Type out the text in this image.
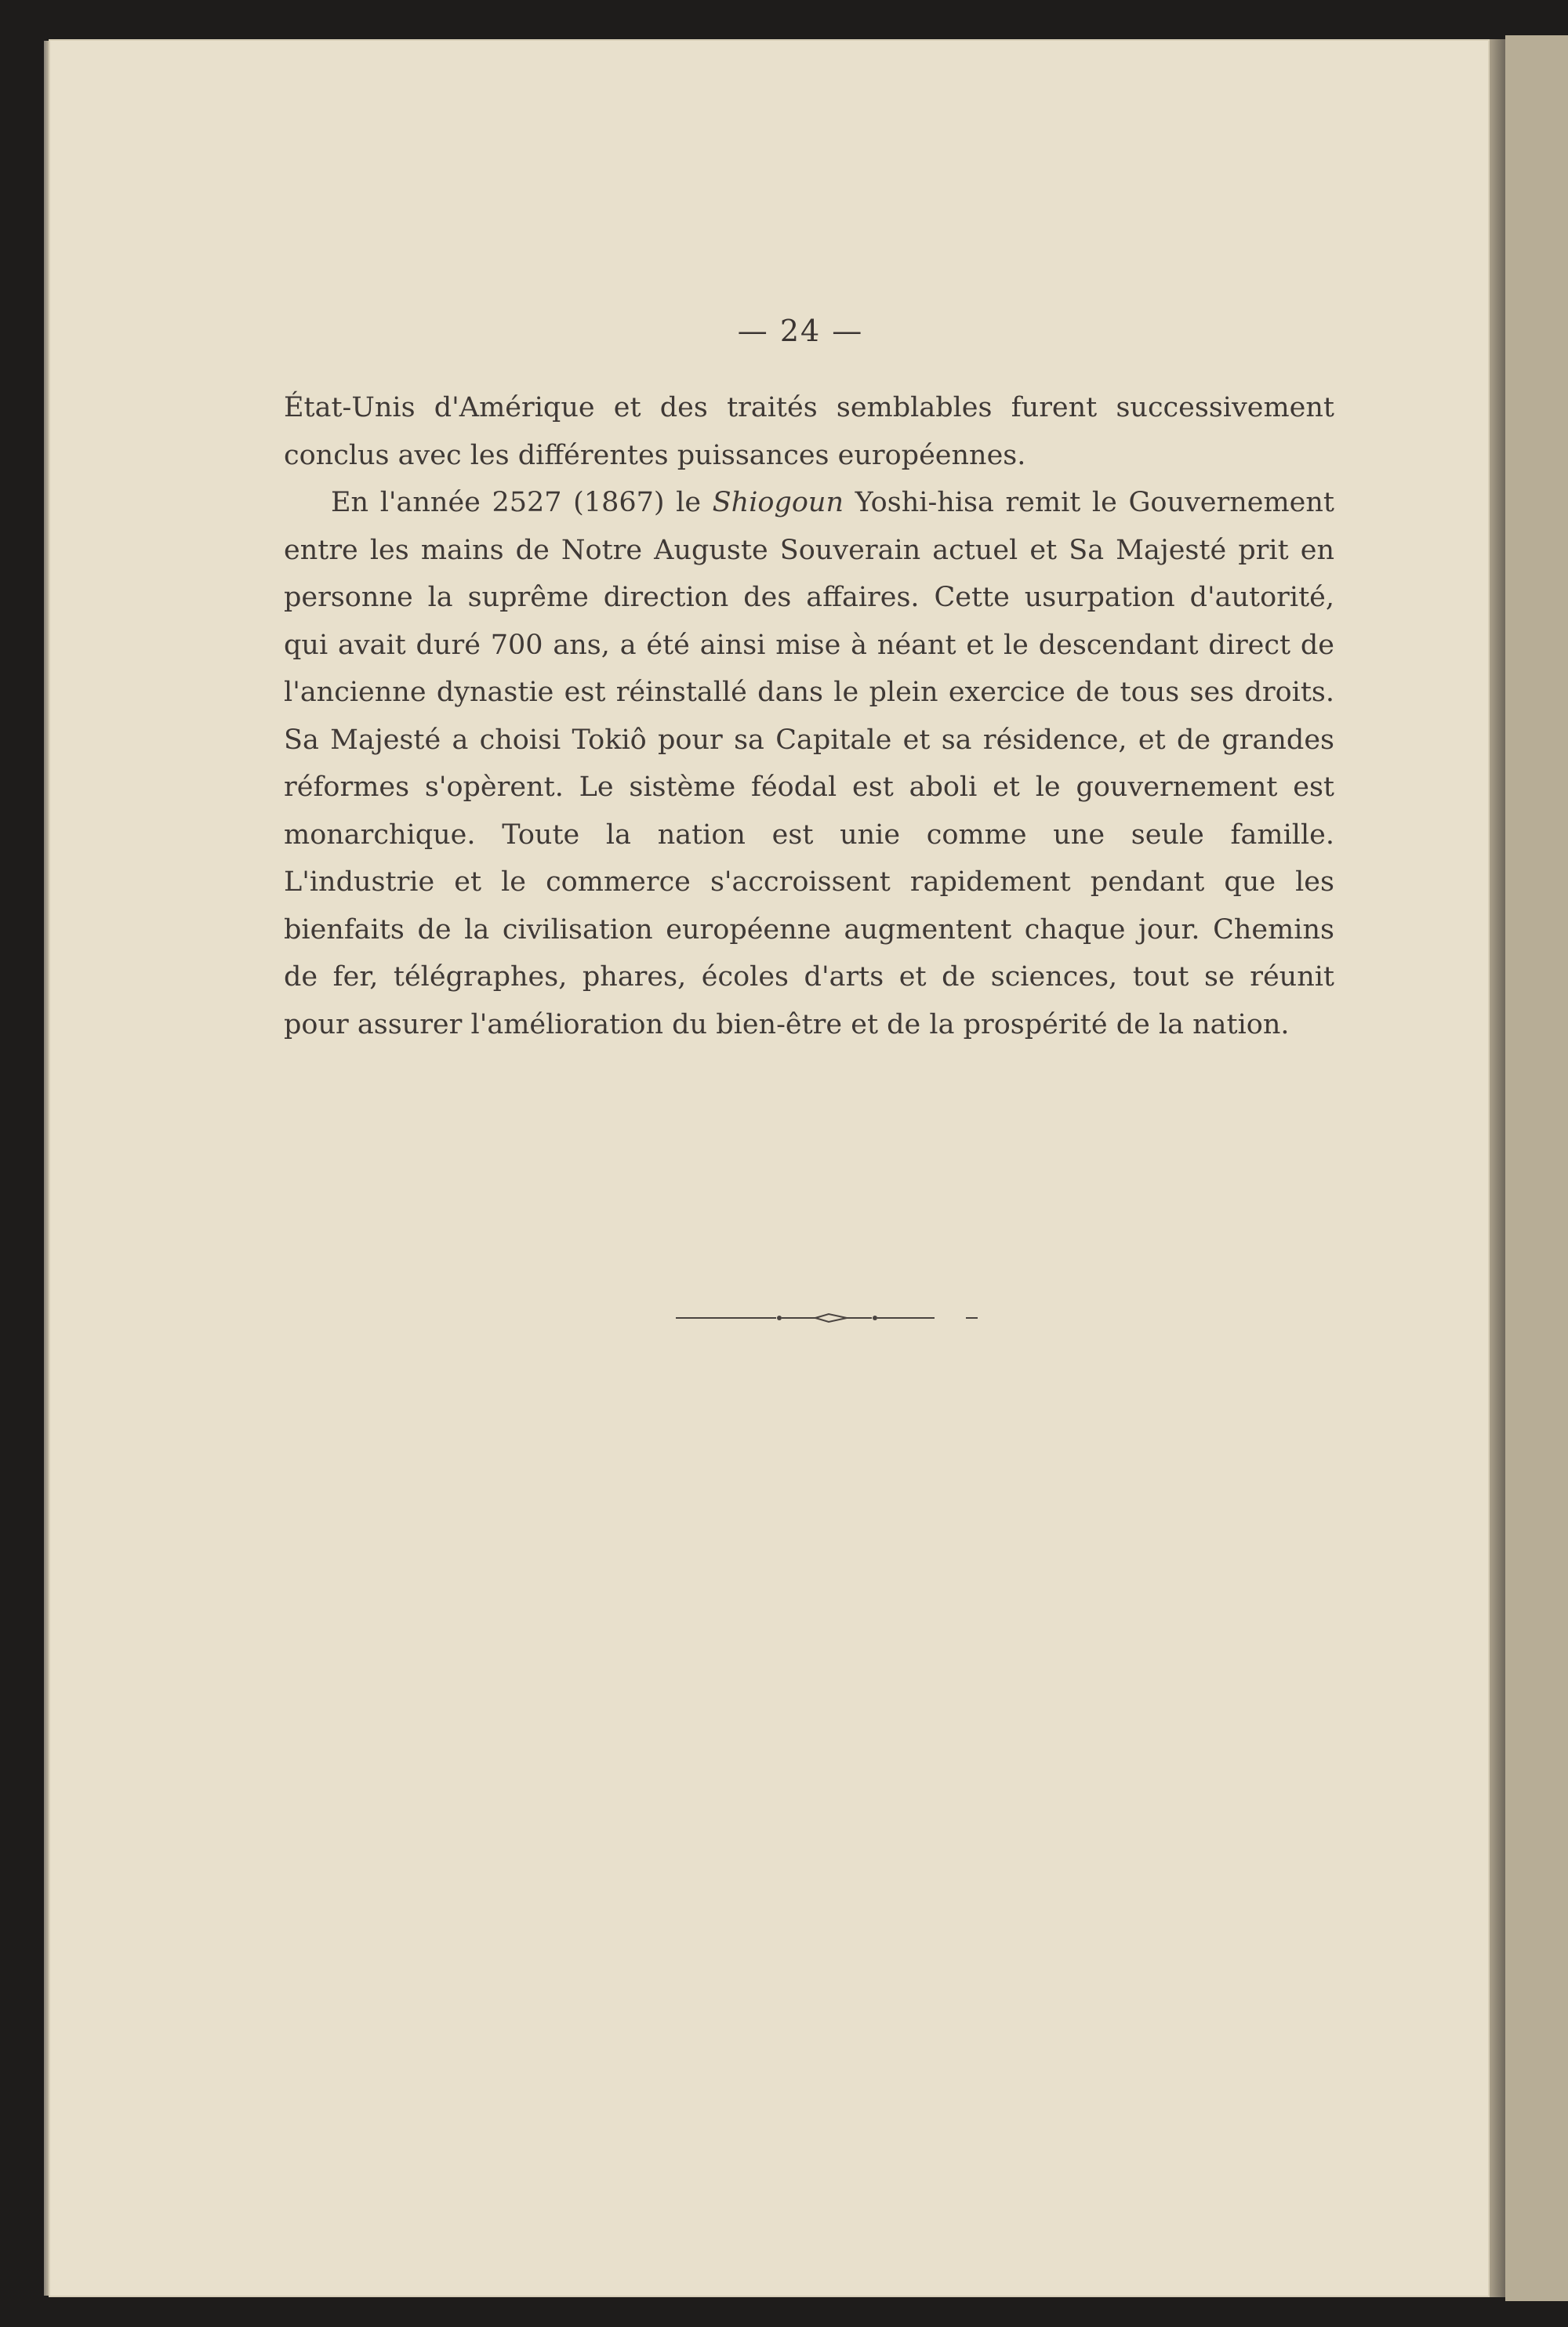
— 24 —

État-Unis d'Amérique et des traités semblables furent successivement conclus avec les différentes puissances européennes.

En l'année 2527 (1867) le Shiogoun Yoshi-hisa remit le Gouvernement entre les mains de Notre Auguste Souverain actuel et Sa Majesté prit en personne la suprême direction des affaires. Cette usurpation d'autorité, qui avait duré 700 ans, a été ainsi mise à néant et le descendant direct de l'ancienne dynastie est réinstallé dans le plein exercice de tous ses droits. Sa Majesté a choisi Tokiô pour sa Capitale et sa résidence, et de grandes réformes s'opèrent. Le sistème féodal est aboli et le gouvernement est monarchique. Toute la nation est unie comme une seule famille. L'industrie et le commerce s'accroissent rapidement pendant que les bienfaits de la civilisation européenne augmentent chaque jour. Chemins de fer, télégraphes, phares, écoles d'arts et de sciences, tout se réunit pour assurer l'amélioration du bien-être et de la prospérité de la nation.
